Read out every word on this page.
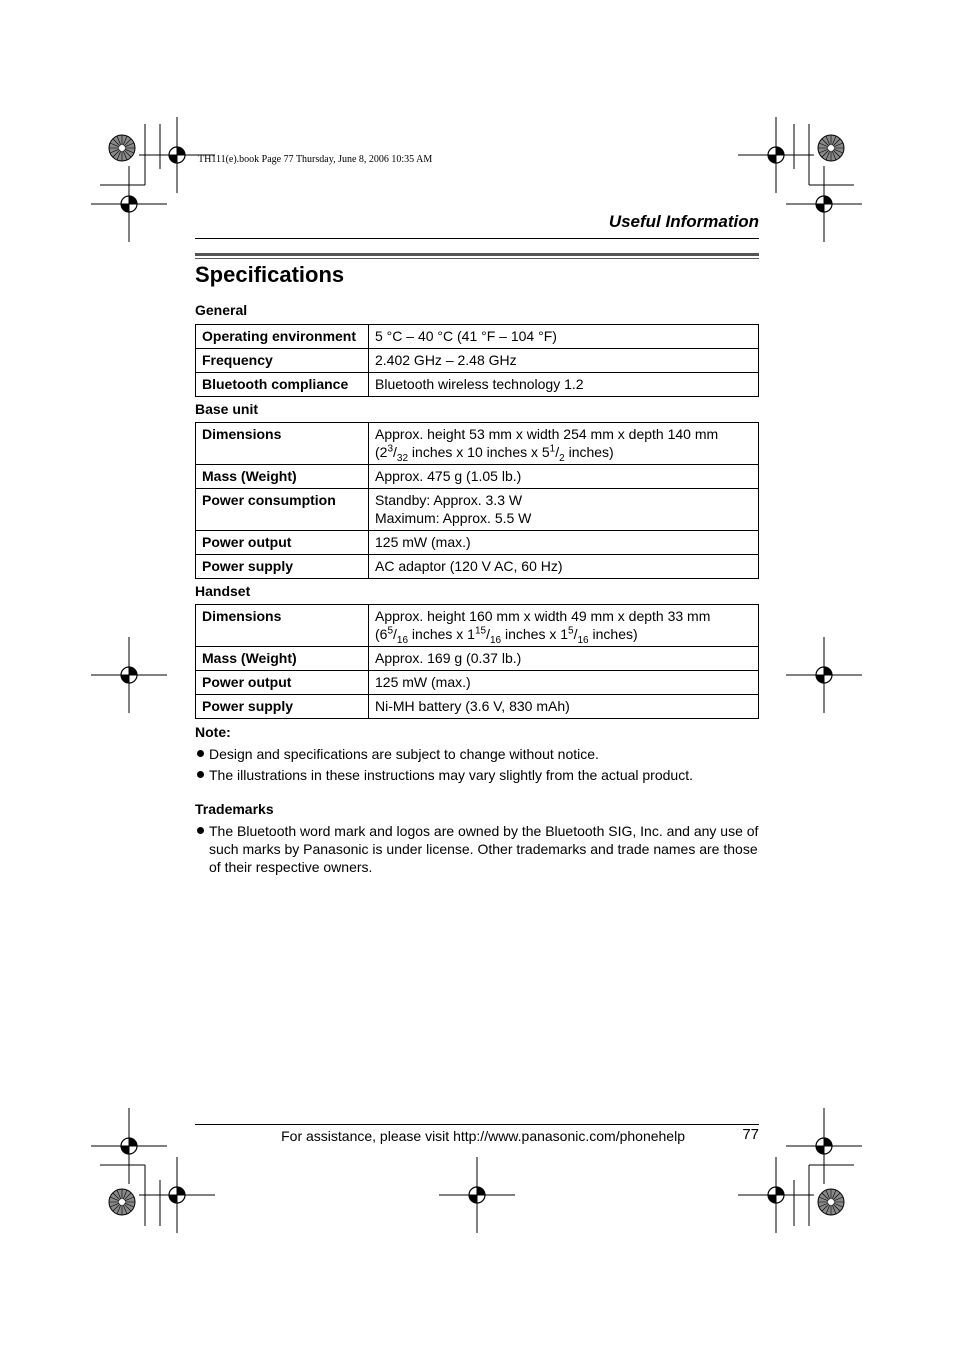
TH111(e).book Page 77 Thursday, June 8, 2006 10:35 AM
Useful Information
Specifications
General
Operating environment	5 °C – 40 °C (41 °F – 104 °F)
Frequency	2.402 GHz – 2.48 GHz
Bluetooth compliance	Bluetooth wireless technology 1.2
Base unit
Dimensions	Approx. height 53 mm x width 254 mm x depth 140 mm
($2^3/_{32}$ inches x 10 inches x $5^1/_2$ inches)

Mass (Weight)	Approx. 475 g (1.05 lb.)
Power consumption	Standby: Approx. 3.3 W
Maximum: Approx. 5.5 W

Power output	125 mW (max.)
Power supply	AC adaptor (120 V AC, 60 Hz)
Handset
Dimensions	Approx. height 160 mm x width 49 mm x depth 33 mm
($6^5/_{16}$ inches x $1^{15}/_{16}$ inches x $1^5/_{16}$ inches)

Mass (Weight)	Approx. 169 g (0.37 lb.)
Power output	125 mW (max.)
Power supply	Ni-MH battery (3.6 V, 830 mAh)
Note:
Design and specifications are subject to change without notice.
The illustrations in these instructions may vary slightly from the actual product.
Trademarks
The Bluetooth word mark and logos are owned by the Bluetooth SIG, Inc. and any use of such marks by Panasonic is under license. Other trademarks and trade names are those of their respective owners.
For assistance, please visit http://www.panasonic.com/phonehelp	77
